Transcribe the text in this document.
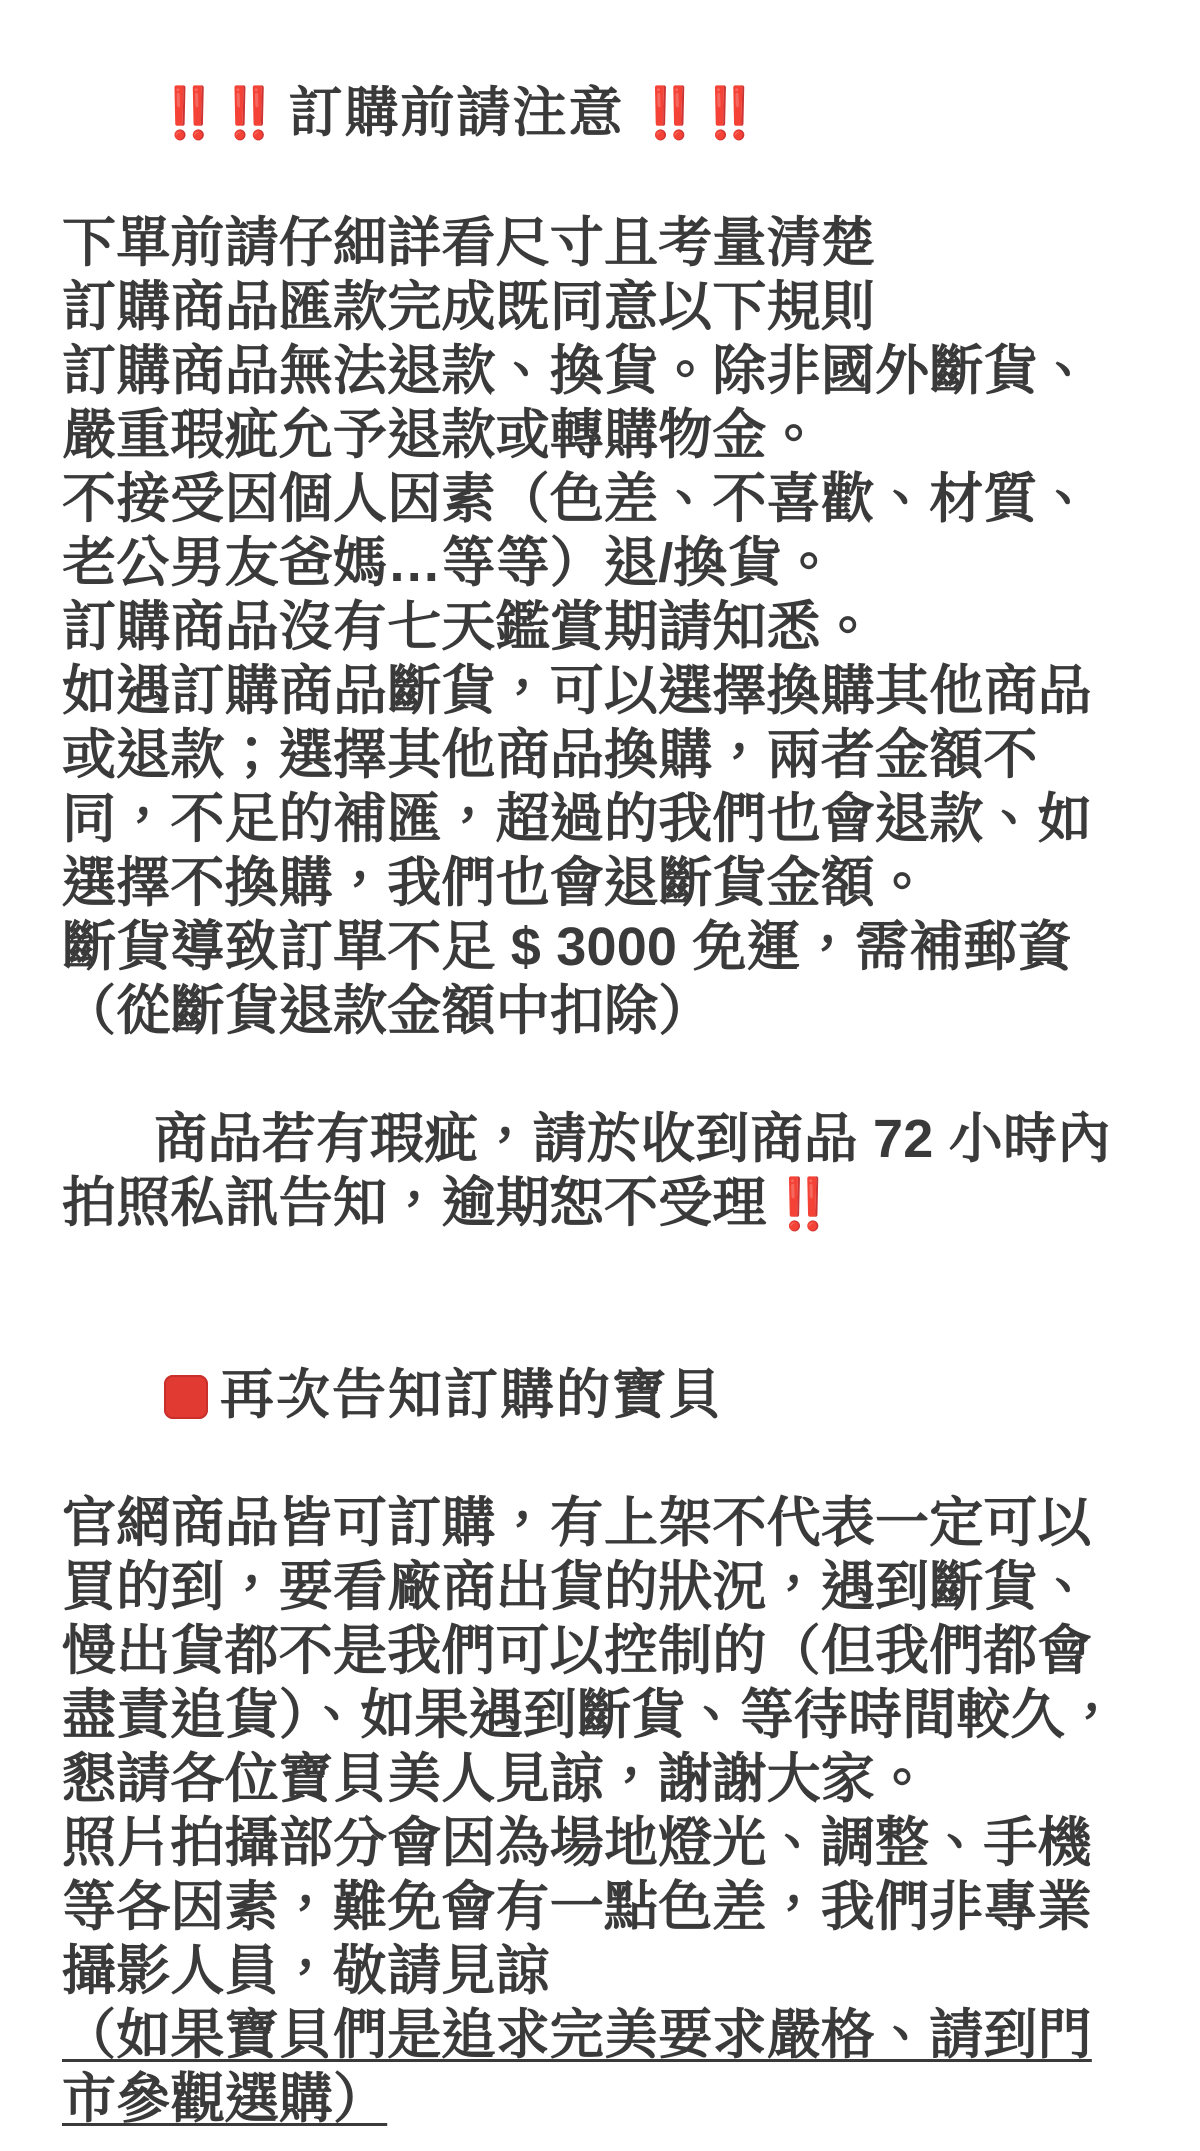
‼️‼️ 訂購前請注意 ‼️‼️

下單前請仔細詳看尺寸且考量清楚
訂購商品匯款完成既同意以下規則
訂購商品無法退款、換貨。除非國外斷貨、嚴重瑕疵允予退款或轉購物金。
不接受因個人因素（色差、不喜歡、材質、老公男友爸媽…等等）退/換貨。
訂購商品沒有七天鑑賞期請知悉。
如遇訂購商品斷貨，可以選擇換購其他商品或退款；選擇其他商品換購，兩者金額不同，不足的補匯，超過的我們也會退款、如選擇不換購，我們也會退斷貨金額。
斷貨導致訂單不足 $ 3000 免運，需補郵資（從斷貨退款金額中扣除）

商品若有瑕疵，請於收到商品 72 小時內拍照私訊告知，逾期恕不受理 ‼️

再次告知訂購的寶貝

官網商品皆可訂購，有上架不代表一定可以買的到，要看廠商出貨的狀況，遇到斷貨、慢出貨都不是我們可以控制的（但我們都會盡責追貨）、如果遇到斷貨、等待時間較久，懇請各位寶貝美人見諒，謝謝大家。
照片拍攝部分會因為場地燈光、調整、手機等各因素，難免會有一點色差，我們非專業攝影人員，敬請見諒
（如果寶貝們是追求完美要求嚴格、請到門市參觀選購）
